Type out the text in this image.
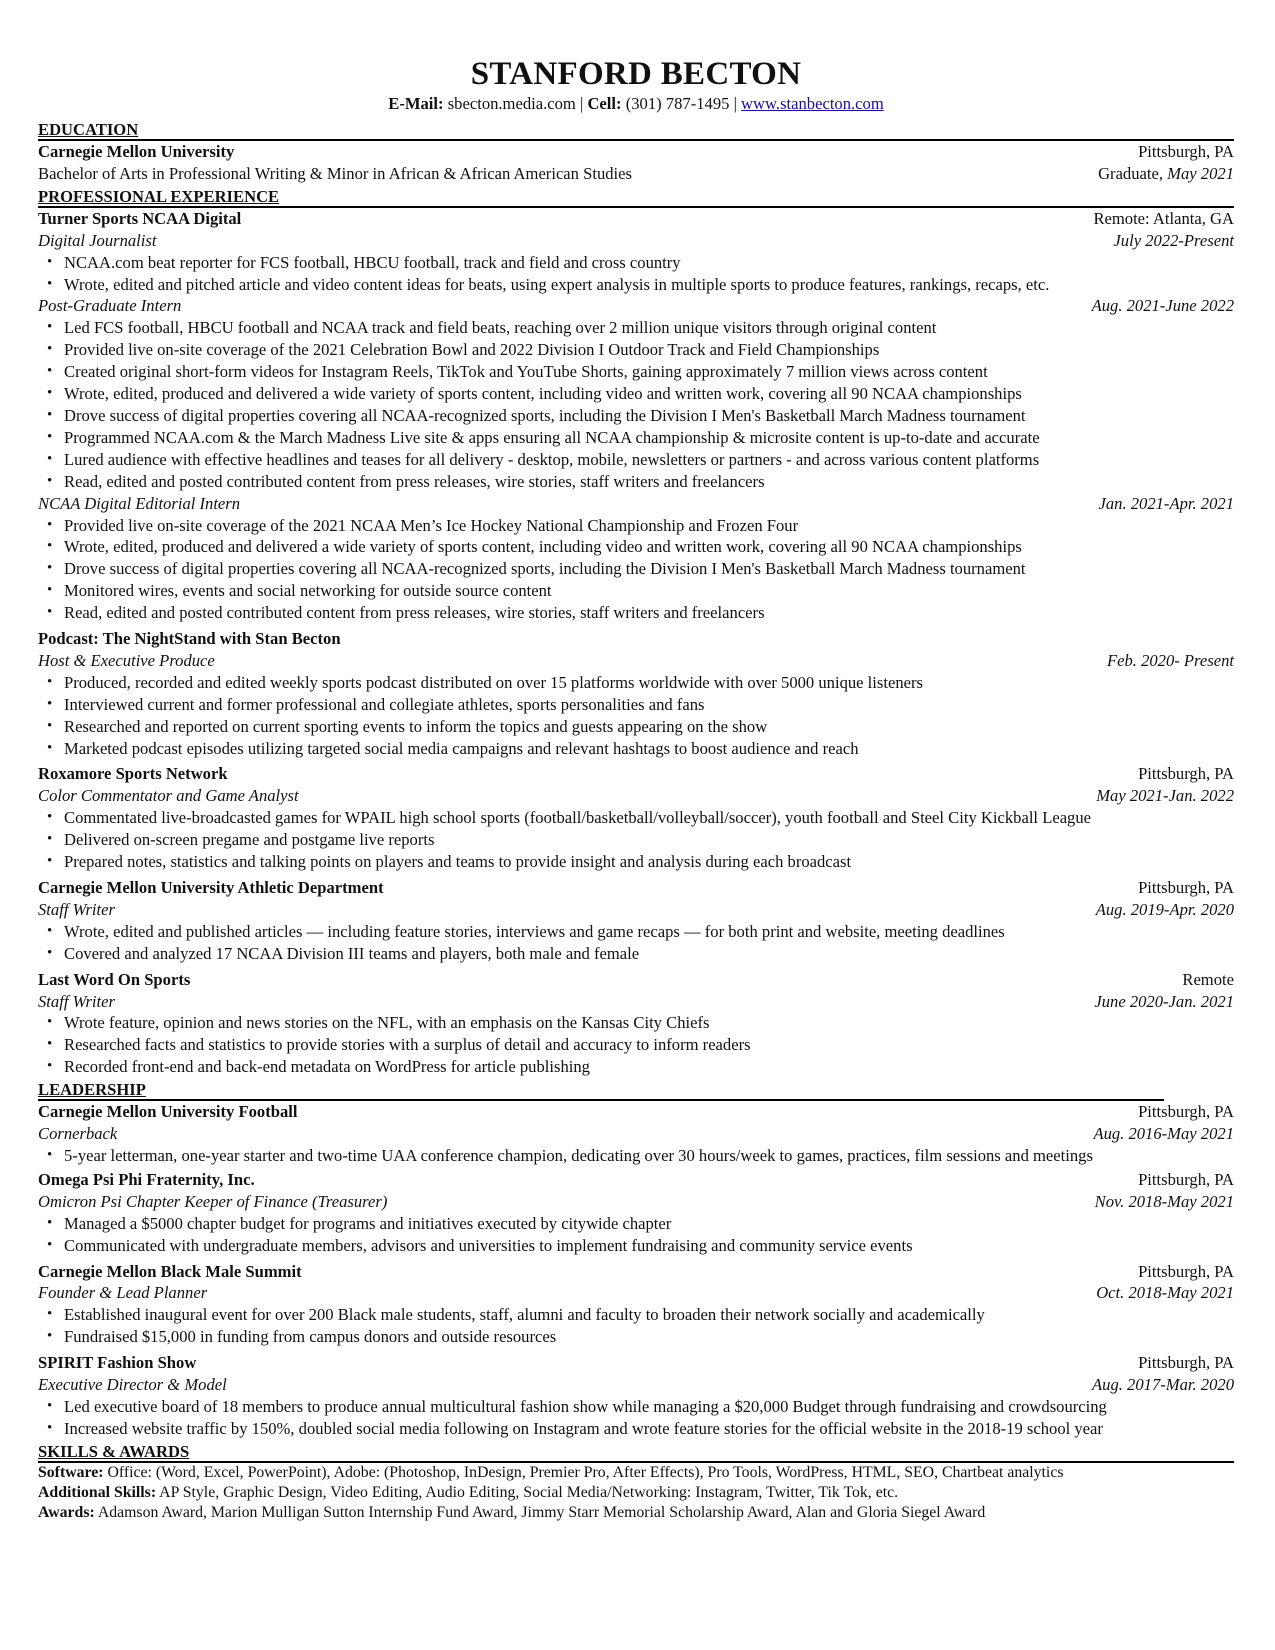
STANFORD BECTON
E-Mail: sbecton.media.com | Cell: (301) 787-1495 | www.stanbecton.com
EDUCATION
Carnegie Mellon University	Pittsburgh, PA
Bachelor of Arts in Professional Writing & Minor in African & African American Studies	Graduate, May 2021
PROFESSIONAL EXPERIENCE
Turner Sports NCAA Digital	Remote: Atlanta, GA
Digital Journalist	July 2022-Present
• NCAA.com beat reporter for FCS football, HBCU football, track and field and cross country
• Wrote, edited and pitched article and video content ideas for beats, using expert analysis in multiple sports to produce features, rankings, recaps, etc.
Post-Graduate Intern	Aug. 2021-June 2022
• Led FCS football, HBCU football and NCAA track and field beats, reaching over 2 million unique visitors through original content
• Provided live on-site coverage of the 2021 Celebration Bowl and 2022 Division I Outdoor Track and Field Championships
• Created original short-form videos for Instagram Reels, TikTok and YouTube Shorts, gaining approximately 7 million views across content
• Wrote, edited, produced and delivered a wide variety of sports content, including video and written work, covering all 90 NCAA championships
• Drove success of digital properties covering all NCAA-recognized sports, including the Division I Men's Basketball March Madness tournament
• Programmed NCAA.com & the March Madness Live site & apps ensuring all NCAA championship & microsite content is up-to-date and accurate
• Lured audience with effective headlines and teases for all delivery - desktop, mobile, newsletters or partners - and across various content platforms
• Read, edited and posted contributed content from press releases, wire stories, staff writers and freelancers
NCAA Digital Editorial Intern	Jan. 2021-Apr. 2021
• Provided live on-site coverage of the 2021 NCAA Men’s Ice Hockey National Championship and Frozen Four
• Wrote, edited, produced and delivered a wide variety of sports content, including video and written work, covering all 90 NCAA championships
• Drove success of digital properties covering all NCAA-recognized sports, including the Division I Men's Basketball March Madness tournament
• Monitored wires, events and social networking for outside source content
• Read, edited and posted contributed content from press releases, wire stories, staff writers and freelancers
Podcast: The NightStand with Stan Becton
Host & Executive Produce	Feb. 2020- Present
• Produced, recorded and edited weekly sports podcast distributed on over 15 platforms worldwide with over 5000 unique listeners
• Interviewed current and former professional and collegiate athletes, sports personalities and fans
• Researched and reported on current sporting events to inform the topics and guests appearing on the show
• Marketed podcast episodes utilizing targeted social media campaigns and relevant hashtags to boost audience and reach
Roxamore Sports Network	Pittsburgh, PA
Color Commentator and Game Analyst	May 2021-Jan. 2022
• Commentated live-broadcasted games for WPAIL high school sports (football/basketball/volleyball/soccer), youth football and Steel City Kickball League
• Delivered on-screen pregame and postgame live reports
• Prepared notes, statistics and talking points on players and teams to provide insight and analysis during each broadcast
Carnegie Mellon University Athletic Department	Pittsburgh, PA
Staff Writer	Aug. 2019-Apr. 2020
• Wrote, edited and published articles — including feature stories, interviews and game recaps — for both print and website, meeting deadlines
• Covered and analyzed 17 NCAA Division III teams and players, both male and female
Last Word On Sports	Remote
Staff Writer	June 2020-Jan. 2021
• Wrote feature, opinion and news stories on the NFL, with an emphasis on the Kansas City Chiefs
• Researched facts and statistics to provide stories with a surplus of detail and accuracy to inform readers
• Recorded front-end and back-end metadata on WordPress for article publishing
LEADERSHIP
Carnegie Mellon University Football	Pittsburgh, PA
Cornerback	Aug. 2016-May 2021
• 5-year letterman, one-year starter and two-time UAA conference champion, dedicating over 30 hours/week to games, practices, film sessions and meetings
Omega Psi Phi Fraternity, Inc.	Pittsburgh, PA
Omicron Psi Chapter Keeper of Finance (Treasurer)	Nov. 2018-May 2021
• Managed a $5000 chapter budget for programs and initiatives executed by citywide chapter
• Communicated with undergraduate members, advisors and universities to implement fundraising and community service events
Carnegie Mellon Black Male Summit	Pittsburgh, PA
Founder & Lead Planner	Oct. 2018-May 2021
• Established inaugural event for over 200 Black male students, staff, alumni and faculty to broaden their network socially and academically
• Fundraised $15,000 in funding from campus donors and outside resources
SPIRIT Fashion Show	Pittsburgh, PA
Executive Director & Model	Aug. 2017-Mar. 2020
• Led executive board of 18 members to produce annual multicultural fashion show while managing a $20,000 Budget through fundraising and crowdsourcing
• Increased website traffic by 150%, doubled social media following on Instagram and wrote feature stories for the official website in the 2018-19 school year
SKILLS & AWARDS
Software: Office: (Word, Excel, PowerPoint), Adobe: (Photoshop, InDesign, Premier Pro, After Effects), Pro Tools, WordPress, HTML, SEO, Chartbeat analytics
Additional Skills: AP Style, Graphic Design, Video Editing, Audio Editing, Social Media/Networking: Instagram, Twitter, Tik Tok, etc.
Awards: Adamson Award, Marion Mulligan Sutton Internship Fund Award, Jimmy Starr Memorial Scholarship Award, Alan and Gloria Siegel Award
